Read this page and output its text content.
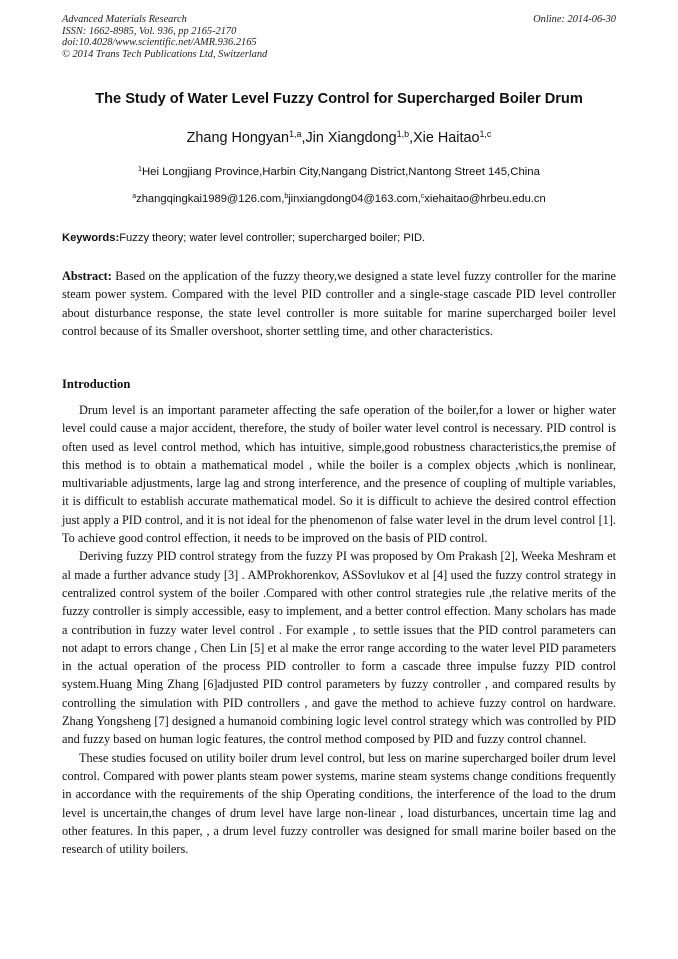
Advanced Materials Research
ISSN: 1662-8985, Vol. 936, pp 2165-2170
doi:10.4028/www.scientific.net/AMR.936.2165
© 2014 Trans Tech Publications Ltd, Switzerland
Online: 2014-06-30
The Study of Water Level Fuzzy Control for Supercharged Boiler Drum
Zhang Hongyan$^{1,a}$,Jin Xiangdong$^{1,b}$,Xie Haitao$^{1,c}$
$^1$Hei Longjiang Province,Harbin City,Nangang District,Nantong Street 145,China
$^a$zhangqingkai1989@126.com,$^b$jinxiangdong04@163.com,$^c$xiehaitao@hrbeu.edu.cn
Keywords:Fuzzy theory; water level controller; supercharged boiler; PID.
Abstract: Based on the application of the fuzzy theory,we designed a state level fuzzy controller for the marine steam power system. Compared with the level PID controller and a single-stage cascade PID level controller about disturbance response, the state level controller is more suitable for marine supercharged boiler level control because of its Smaller overshoot, shorter settling time, and other characteristics.
Introduction

Drum level is an important parameter affecting the safe operation of the boiler,for a lower or higher water level could cause a major accident, therefore, the study of boiler water level control is necessary. PID control is often used as level control method, which has intuitive, simple,good robustness characteristics,the premise of this method is to obtain a mathematical model , while the boiler is a complex objects ,which is nonlinear, multivariable adjustments, large lag and strong interference, and the presence of coupling of multiple variables, it is difficult to establish accurate mathematical model. So it is difficult to achieve the desired control effection just apply a PID control, and it is not ideal for the phenomenon of false water level in the drum level control [1]. To achieve good control effection, it needs to be improved on the basis of PID control.

Deriving fuzzy PID control strategy from the fuzzy PI was proposed by Om Prakash [2], Weeka Meshram et al made a further advance study [3] . AMProkhorenkov, ASSovlukov et al [4] used the fuzzy control strategy in centralized control system of the boiler .Compared with other control strategies rule ,the relative merits of the fuzzy controller is simply accessible, easy to implement, and a better control effection. Many scholars has made a contribution in fuzzy water level control . For example , to settle issues that the PID control parameters can not adapt to errors change , Chen Lin [5] et al make the error range according to the water level PID parameters in the actual operation of the process PID controller to form a cascade three impulse fuzzy PID control system.Huang Ming Zhang [6]adjusted PID control parameters by fuzzy controller , and compared results by controlling the simulation with PID controllers , and gave the method to achieve fuzzy control on hardware. Zhang Yongsheng [7] designed a humanoid combining logic level control strategy which was controlled by PID and fuzzy based on human logic features, the control method composed by PID and fuzzy control channel.

These studies focused on utility boiler drum level control, but less on marine supercharged boiler drum level control. Compared with power plants steam power systems, marine steam systems change conditions frequently in accordance with the requirements of the ship Operating conditions, the interference of the load to the drum level is uncertain,the changes of drum level have large non-linear , load disturbances, uncertain time lag and other features. In this paper, , a drum level fuzzy controller was designed for small marine boiler based on the research of utility boilers.
